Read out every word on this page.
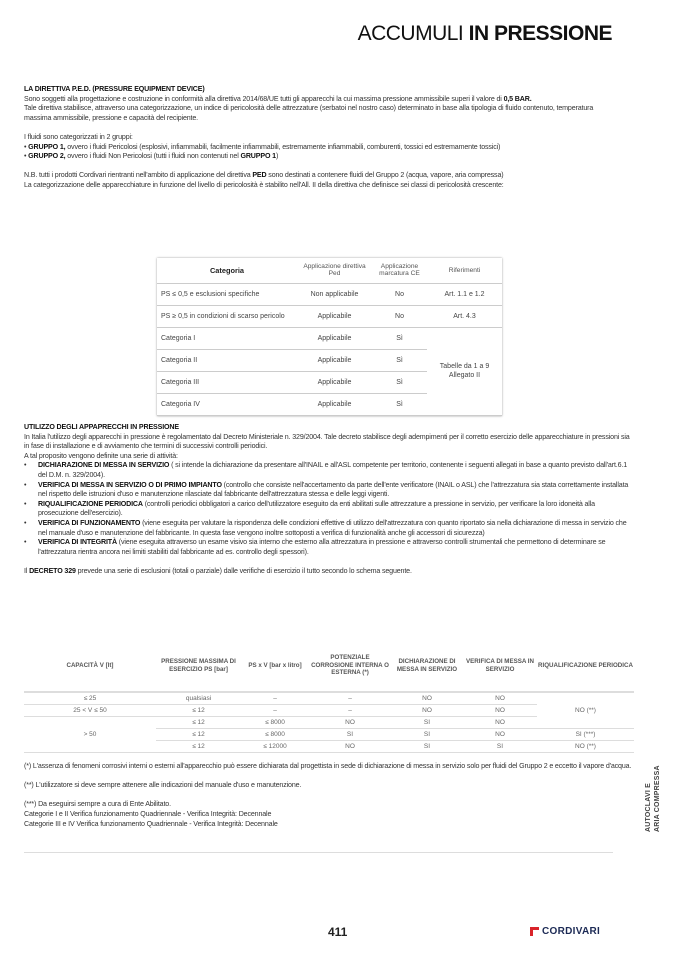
ACCUMULI IN PRESSIONE
LA DIRETTIVA P.E.D. (PRESSURE EQUIPMENT DEVICE)
Sono soggetti alla progettazione e costruzione in conformità alla direttiva 2014/68/UE tutti gli apparecchi la cui massima pressione ammissibile superi il valore di 0,5 BAR.
Tale direttiva stabilisce, attraverso una categorizzazione, un indice di pericolosità delle attrezzature (serbatoi nel nostro caso) determinato in base alla tipologia di fluido contenuto, temperatura massima ammissibile, pressione e capacità del recipiente.
I fluidi sono categorizzati in 2 gruppi:
• GRUPPO 1, ovvero i fluidi Pericolosi (esplosivi, infiammabili, facilmente infiammabili, estremamente infiammabili, comburenti, tossici ed estremamente tossici)
• GRUPPO 2, ovvero i fluidi Non Pericolosi (tutti i fluidi non contenuti nel GRUPPO 1)
N.B. tutti i prodotti Cordivari rientranti nell'ambito di applicazione del direttiva PED sono destinati a contenere fluidi del Gruppo 2 (acqua, vapore, aria compressa)
La categorizzazione delle apparecchiature in funzione del livello di pericolosità è stabilito nell'All. II della direttiva che definisce sei classi di pericolosità crescente:
Categoria	Applicazione direttiva Ped	Applicazione marcatura CE	Riferimenti
PS ≤ 0,5 e esclusioni specifiche	Non applicabile	No	Art. 1.1 e 1.2
PS ≥ 0,5 in condizioni di scarso pericolo	Applicabile	No	Art. 4.3
Categoria I	Applicabile	Sì	Tabelle da 1 a 9 Allegato II
Categoria II	Applicabile	Sì	
Categoria III	Applicabile	Sì	
Categoria IV	Applicabile	Sì	
UTILIZZO DEGLI APPAPRECCHI IN PRESSIONE
In Italia l'utilizzo degli apparecchi in pressione è regolamentato dal Decreto Ministeriale n. 329/2004. Tale decreto stabilisce degli adempimenti per il corretto esercizio delle apparecchiature in pressioni sia in fase di installazione e di avviamento che termini di successivi controlli periodici.
A tal proposito vengono definite una serie di attività:
•	DICHIARAZIONE DI MESSA IN SERVIZIO ( si intende la dichiarazione da presentare all'INAIL e all'ASL competente per territorio, contenente i seguenti allegati in base a quanto previsto dall'art.6.1 del D.M. n. 329/2004).
•	VERIFICA DI MESSA IN SERVIZIO O DI PRIMO IMPIANTO (controllo che consiste nell'accertamento da parte dell'ente verificatore (INAIL o ASL) che l'attrezzatura sia stata correttamente installata nel rispetto delle istruzioni d'uso e manutenzione rilasciate dal fabbricante dell'attrezzatura stessa e delle leggi vigenti.
•	RIQUALIFICAZIONE PERIODICA (controlli periodici obbligatori a carico dell'utilizzatore eseguito da enti abilitati sulle attrezzature a pressione in servizio, per verificare la loro idoneità alla prosecuzione dell'esercizio).
•	VERIFICA DI FUNZIONAMENTO (viene eseguita per valutare la rispondenza delle condizioni effettive di utilizzo dell'attrezzatura con quanto riportato sia nella dichiarazione di messa in servizio che nel manuale d'uso e manutenzione del fabbricante. In questa fase vengono inoltre sottoposti a verifica di funzionalità anche gli accessori di sicurezza)
•	VERIFICA DI INTEGRITÀ (viene eseguita attraverso un esame visivo sia interno che esterno alla attrezzatura in pressione e attraverso controlli strumentali che permettono di determinare se l'attrezzatura rientra ancora nei limiti stabiliti dal fabbricante ad es. controllo degli spessori).
Il DECRETO 329 prevede una serie di esclusioni (totali o parziale) dalle verifiche di esercizio il tutto secondo lo schema seguente.
CAPACITÀ V [lt]	PRESSIONE MASSIMA DI ESERCIZIO PS [bar]	PS x V [bar x litro]	POTENZIALE CORROSIONE INTERNA O ESTERNA (*)	DICHIARAZIONE DI MESSA IN SERVIZIO	VERIFICA DI MESSA IN SERVIZIO	RIQUALIFICAZIONE PERIODICA
≤ 25	qualsiasi	–	–	NO	NO	NO (**)
25 < V ≤ 50	≤ 12	–	–	NO	NO	
> 50	≤ 12	≤ 8000	NO	SI	NO	
	≤ 12	≤ 8000	SI	SI	NO	SI (***)
	≤ 12	≤ 12000	NO	SI	SI	NO (**)
(*) L'assenza di fenomeni corrosivi interni o esterni all'apparecchio può essere dichiarata dal progettista in sede di dichiarazione di messa in servizio solo per fluidi del Gruppo 2 e eccetto il vapore d'acqua.
(**) L'utilizzatore si deve sempre attenere alle indicazioni del manuale d'uso e manutenzione.
(***) Da eseguirsi sempre a cura di Ente Abilitato.
Categorie I e II Verifica funzionamento Quadriennale - Verifica Integrità: Decennale
Categorie III e IV Verifica funzionamento Quadriennale - Verifica Integrità: Decennale	AUTOCLAVI E ARIA COMPRESSA
411	CORDIVARI
